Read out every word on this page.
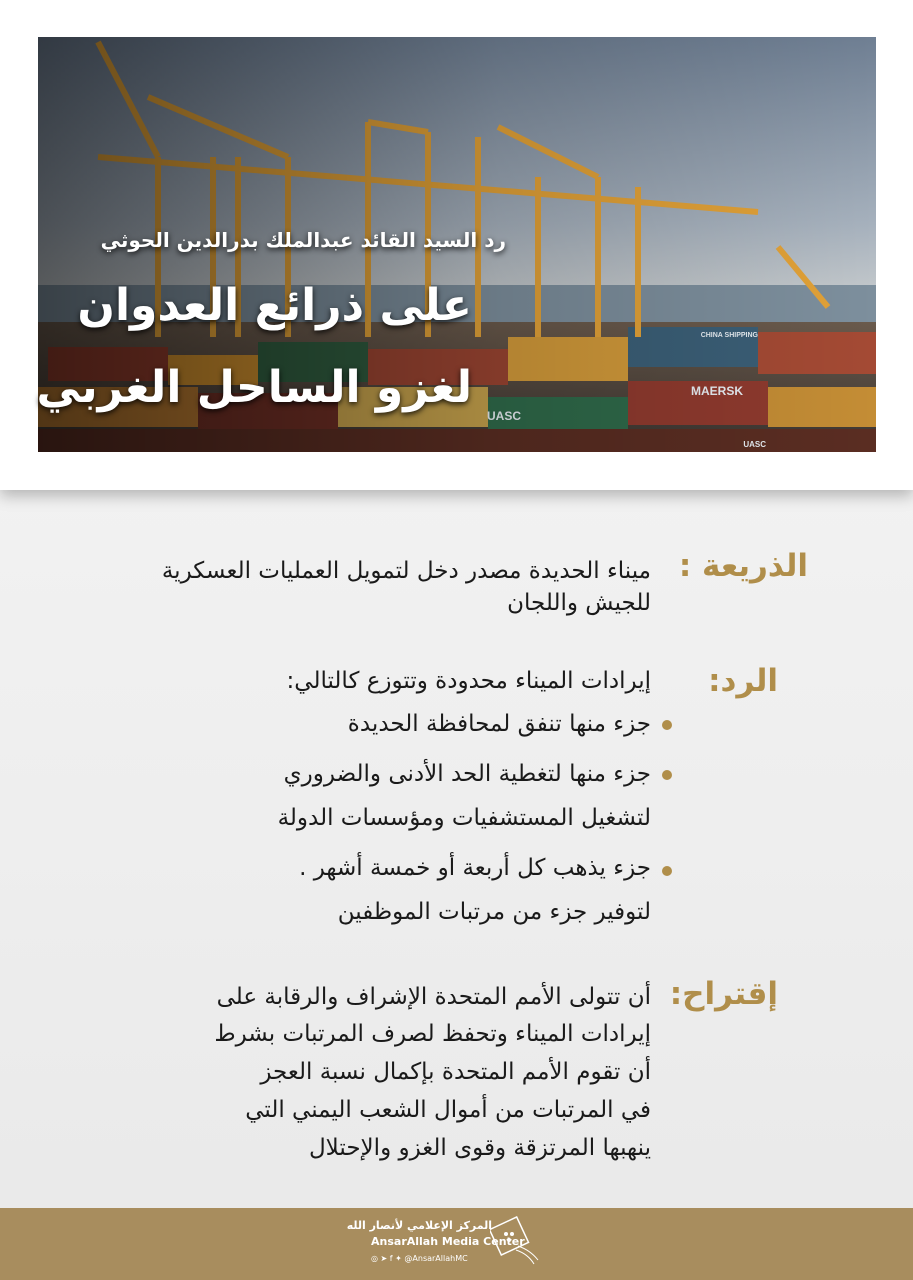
رد السيد القائد عبدالملك بدرالدين الحوثي
على ذرائع العدوان
لغزو الساحل الغربي
الذريعة :
ميناء الحديدة مصدر دخل لتمويل العمليات العسكرية
للجيش واللجان
الرد:
إيرادات الميناء محدودة وتتوزع كالتالي:
جزء منها تنفق لمحافظة الحديدة
جزء منها لتغطية الحد الأدنى والضروري
لتشغيل المستشفيات ومؤسسات الدولة
جزء يذهب كل أربعة أو خمسة أشهر .
لتوفير جزء من مرتبات الموظفين
إقتراح:
أن تتولى الأمم المتحدة الإشراف والرقابة على
إيرادات الميناء وتحفظ لصرف المرتبات بشرط
أن تقوم الأمم المتحدة بإكمال نسبة العجز
في المرتبات من أموال الشعب اليمني التي
ينهبها المرتزقة وقوى الغزو والإحتلال
المركز الإعلامي لأنصار الله
AnsarAllah Media Center
◎ ➤ f ✦ @AnsarAllahMC
